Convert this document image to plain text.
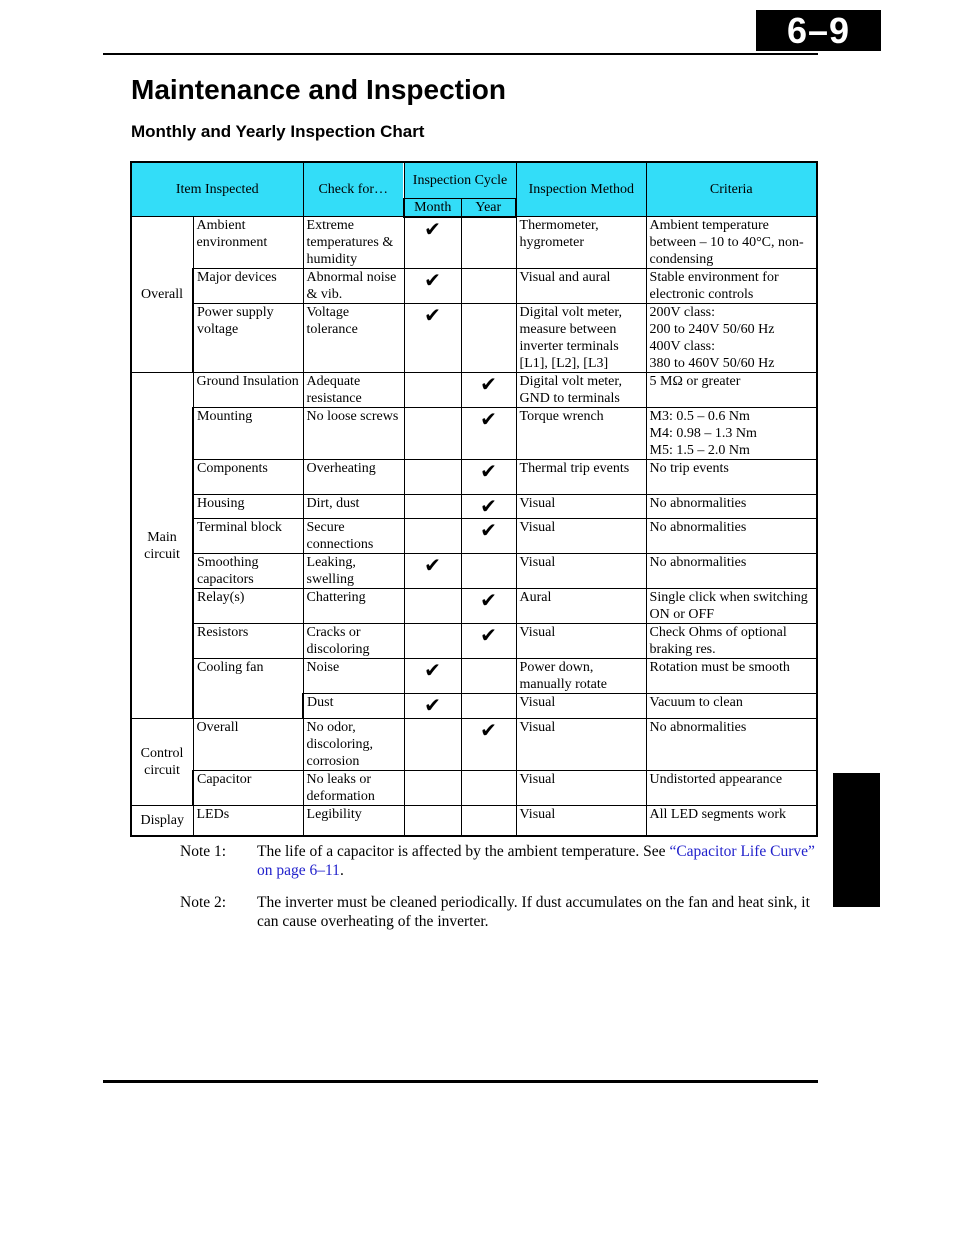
6–9
Maintenance and Inspection
Monthly and Yearly Inspection Chart
Item Inspected		Check for…	Inspection Cycle		Inspection Method	Criteria
			Month	Year		
Overall	Ambient environment	Extreme temperatures & humidity	✔		Thermometer, hygrometer	Ambient temperature between – 10 to 40°C, non-condensing
	Major devices	Abnormal noise & vib.	✔		Visual and aural	Stable environment for electronic controls
	Power supply voltage	Voltage tolerance	✔		Digital volt meter, measure between inverter terminals [L1], [L2], [L3]	200V class:
200 to 240V 50/60 Hz
400V class:
380 to 460V 50/60 Hz
Main circuit	Ground Insulation	Adequate resistance		✔	Digital volt meter, GND to terminals	5 MΩ or greater
	Mounting	No loose screws		✔	Torque wrench	M3: 0.5 – 0.6 Nm
M4: 0.98 – 1.3 Nm
M5: 1.5 – 2.0 Nm
	Components	Overheating		✔	Thermal trip events	No trip events
	Housing	Dirt, dust		✔	Visual	No abnormalities
	Terminal block	Secure connections		✔	Visual	No abnormalities
	Smoothing capacitors	Leaking, swelling	✔		Visual	No abnormalities
	Relay(s)	Chattering		✔	Aural	Single click when switching ON or OFF
	Resistors	Cracks or discoloring		✔	Visual	Check Ohms of optional braking res.
	Cooling fan	Noise	✔		Power down, manually rotate	Rotation must be smooth
		Dust	✔		Visual	Vacuum to clean
Control circuit	Overall	No odor, discoloring, corrosion		✔	Visual	No abnormalities
	Capacitor	No leaks or deformation			Visual	Undistorted appearance
Display	LEDs	Legibility			Visual	All LED segments work
Note 1:	The life of a capacitor is affected by the ambient temperature. See “Capacitor Life Curve” on page 6–11.
Note 2:	The inverter must be cleaned periodically. If dust accumulates on the fan and heat sink, it can cause overheating of the inverter.
